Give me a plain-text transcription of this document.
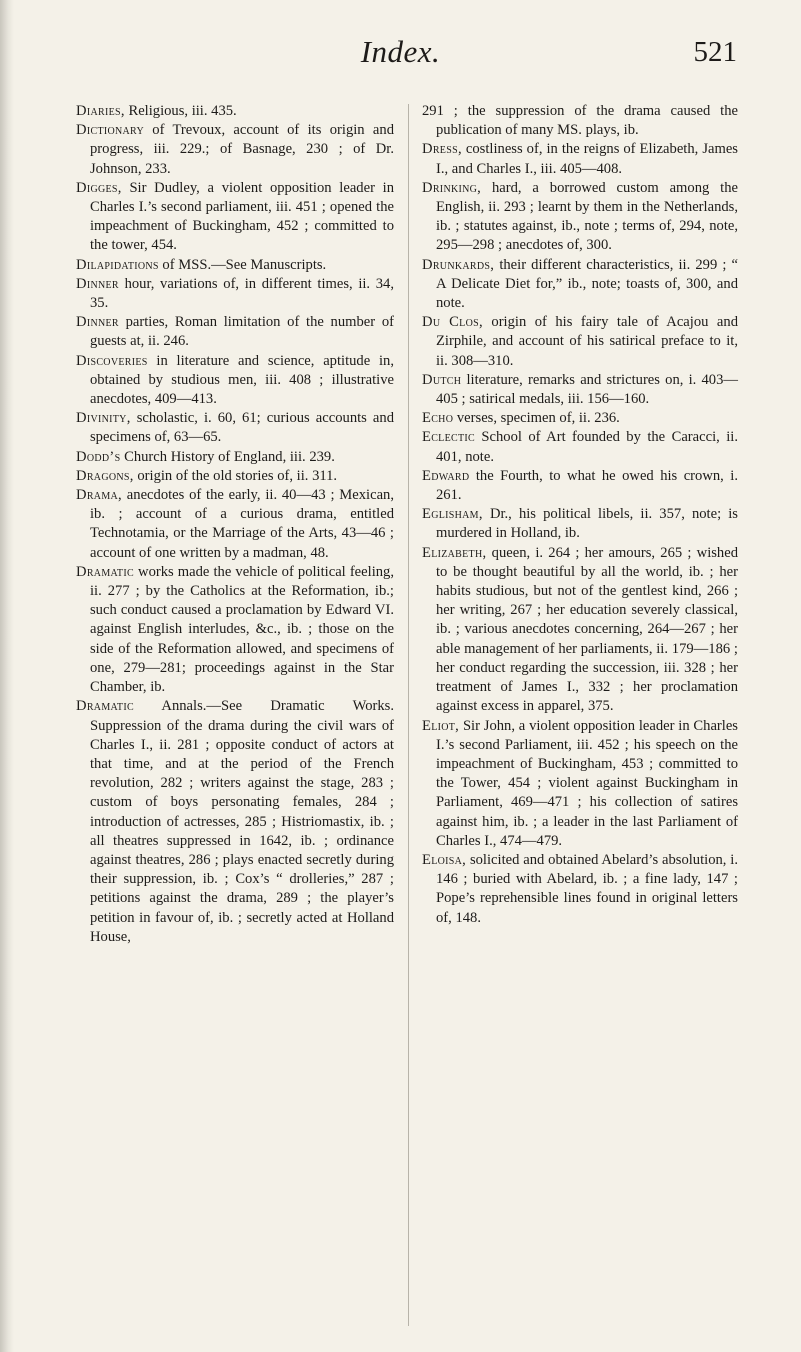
Index.	521

Diaries, Religious, iii. 435.

Dictionary of Trevoux, account of its origin and progress, iii. 229.; of Basnage, 230 ; of Dr. Johnson, 233.

Digges, Sir Dudley, a violent opposition leader in Charles I.’s second parliament, iii. 451 ; opened the impeachment of Buckingham, 452 ; committed to the tower, 454.

Dilapidations of MSS.—See Manuscripts.

Dinner hour, variations of, in different times, ii. 34, 35.

Dinner parties, Roman limitation of the number of guests at, ii. 246.

Discoveries in literature and science, aptitude in, obtained by studious men, iii. 408 ; illustrative anecdotes, 409—413.

Divinity, scholastic, i. 60, 61; curious accounts and specimens of, 63—65.

Dodd’s Church History of England, iii. 239.

Dragons, origin of the old stories of, ii. 311.

Drama, anecdotes of the early, ii. 40—43 ; Mexican, ib. ; account of a curious drama, entitled Technotamia, or the Marriage of the Arts, 43—46 ; account of one written by a madman, 48.

Dramatic works made the vehicle of political feeling, ii. 277 ; by the Catholics at the Reformation, ib.; such conduct caused a proclamation by Edward VI. against English interludes, &c., ib. ; those on the side of the Reformation allowed, and specimens of one, 279—281; proceedings against in the Star Chamber, ib.

Dramatic Annals.—See Dramatic Works. Suppression of the drama during the civil wars of Charles I., ii. 281 ; opposite conduct of actors at that time, and at the period of the French revolution, 282 ; writers against the stage, 283 ; custom of boys personating females, 284 ; introduction of actresses, 285 ; Histriomastix, ib. ; all theatres suppressed in 1642, ib. ; ordinance against theatres, 286 ; plays enacted secretly during their suppression, ib. ; Cox’s “ drolleries,” 287 ; petitions against the drama, 289 ; the player’s petition in favour of, ib. ; secretly acted at Holland House,

291 ; the suppression of the drama caused the publication of many MS. plays, ib.

Dress, costliness of, in the reigns of Elizabeth, James I., and Charles I., iii. 405—408.

Drinking, hard, a borrowed custom among the English, ii. 293 ; learnt by them in the Netherlands, ib. ; statutes against, ib., note ; terms of, 294, note, 295—298 ; anecdotes of, 300.

Drunkards, their different characteristics, ii. 299 ; “ A Delicate Diet for,” ib., note; toasts of, 300, and note.

Du Clos, origin of his fairy tale of Acajou and Zirphile, and account of his satirical preface to it, ii. 308—310.

Dutch literature, remarks and strictures on, i. 403—405 ; satirical medals, iii. 156—160.

Echo verses, specimen of, ii. 236.

Eclectic School of Art founded by the Caracci, ii. 401, note.

Edward the Fourth, to what he owed his crown, i. 261.

Eglisham, Dr., his political libels, ii. 357, note; is murdered in Holland, ib.

Elizabeth, queen, i. 264 ; her amours, 265 ; wished to be thought beautiful by all the world, ib. ; her habits studious, but not of the gentlest kind, 266 ; her writing, 267 ; her education severely classical, ib. ; various anecdotes concerning, 264—267 ; her able management of her parliaments, ii. 179—186 ; her conduct regarding the succession, iii. 328 ; her treatment of James I., 332 ; her proclamation against excess in apparel, 375.

Eliot, Sir John, a violent opposition leader in Charles I.’s second Parliament, iii. 452 ; his speech on the impeachment of Buckingham, 453 ; committed to the Tower, 454 ; violent against Buckingham in Parliament, 469—471 ; his collection of satires against him, ib. ; a leader in the last Parliament of Charles I., 474—479.

Eloisa, solicited and obtained Abelard’s absolution, i. 146 ; buried with Abelard, ib. ; a fine lady, 147 ; Pope’s reprehensible lines found in original letters of, 148.
